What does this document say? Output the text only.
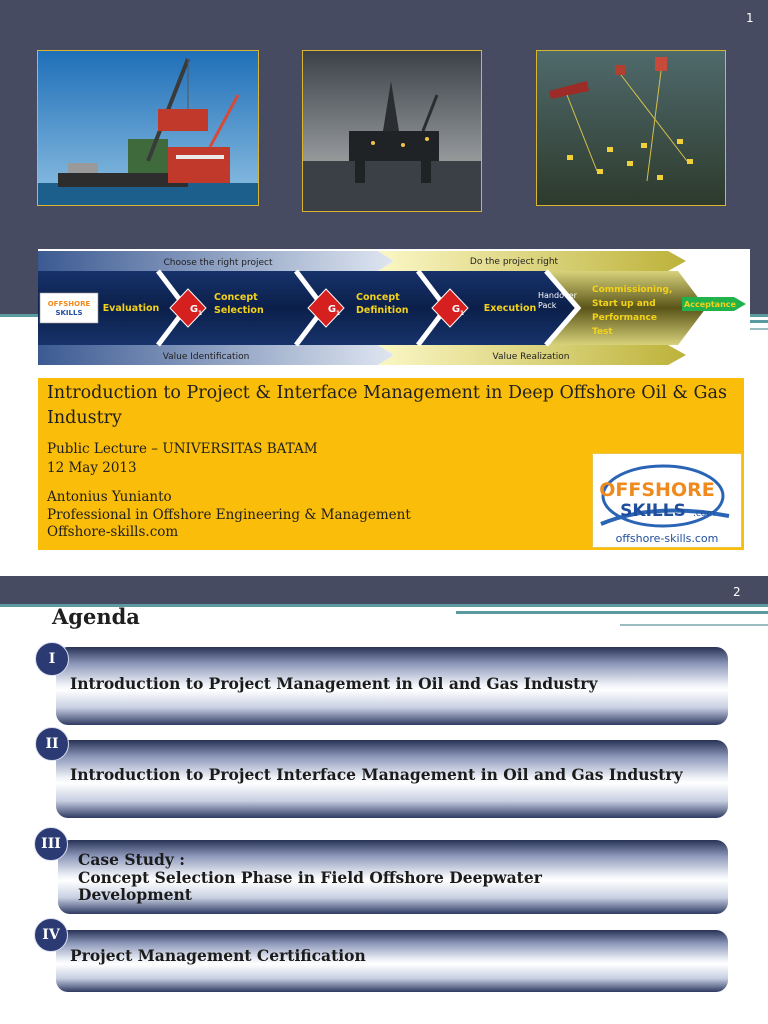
1
OFFSHORE
SKILLS
Choose the right project	Do the project right
Value Identification	Value Realization
Evaluation
Concept Selection
Concept Definition	Execution
G 1	G 1	G 1
Handover Pack
Commissioning, Start up and Performance Test
Acceptance
Introduction to Project & Interface Management in Deep Offshore Oil & Gas Industry
Public Lecture – UNIVERSITAS BATAM
12 May 2013
Antonius Yunianto
Professional in Offshore Engineering & Management
Offshore-skills.com
OFFSHORE
SKILLS .com
offshore-skills.com
2
Agenda
Introduction to Project Management in Oil and Gas Industry
I
Introduction to Project Interface Management in Oil and Gas Industry
II
Case Study :
Concept Selection Phase in Field Offshore Deepwater Development
III
Project Management Certification
IV
